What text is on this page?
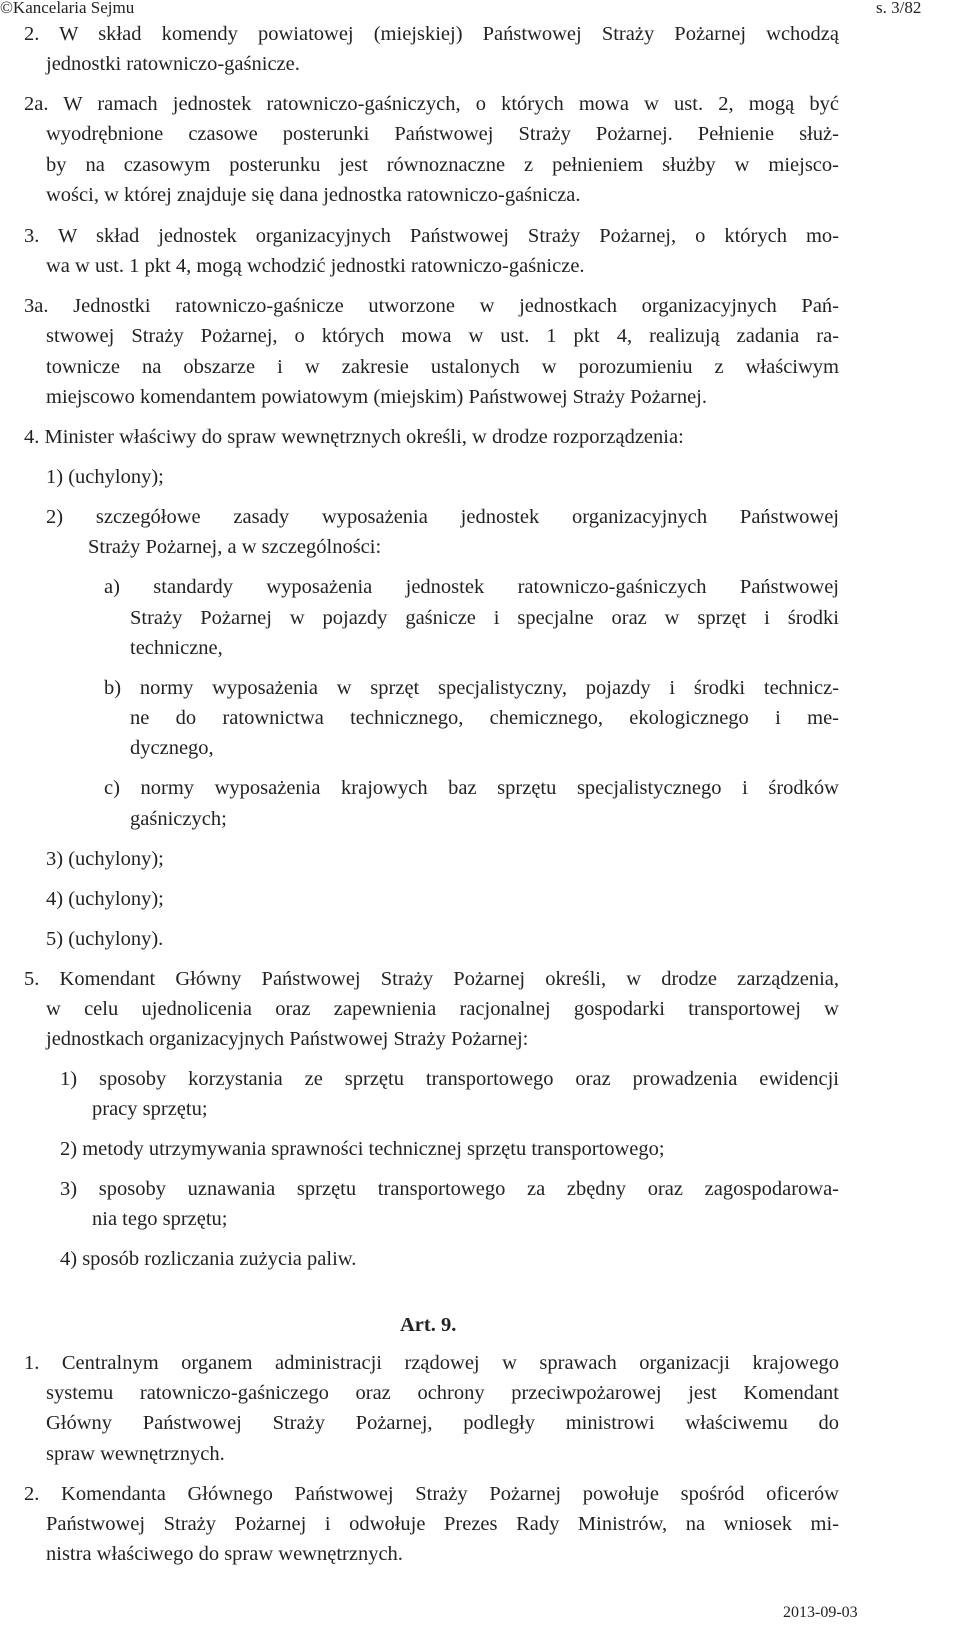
©Kancelaria Sejmu	s. 3/82
2. W skład komendy powiatowej (miejskiej) Państwowej Straży Pożarnej wchodzą
jednostki ratowniczo-gaśnicze.
2a. W ramach jednostek ratowniczo-gaśniczych, o których mowa w ust. 2, mogą być
wyodrębnione czasowe posterunki Państwowej Straży Pożarnej. Pełnienie służ-
by na czasowym posterunku jest równoznaczne z pełnieniem służby w miejsco-
wości, w której znajduje się dana jednostka ratowniczo-gaśnicza.
3. W skład jednostek organizacyjnych Państwowej Straży Pożarnej, o których mo-
wa w ust. 1 pkt 4, mogą wchodzić jednostki ratowniczo-gaśnicze.
3a. Jednostki ratowniczo-gaśnicze utworzone w jednostkach organizacyjnych Pań-
stwowej Straży Pożarnej, o których mowa w ust. 1 pkt 4, realizują zadania ra-
townicze na obszarze i w zakresie ustalonych w porozumieniu z właściwym
miejscowo komendantem powiatowym (miejskim) Państwowej Straży Pożarnej.
4. Minister właściwy do spraw wewnętrznych określi, w drodze rozporządzenia:
1) (uchylony);
2) szczegółowe zasady wyposażenia jednostek organizacyjnych Państwowej
Straży Pożarnej, a w szczególności:
a) standardy wyposażenia jednostek ratowniczo-gaśniczych Państwowej
Straży Pożarnej w pojazdy gaśnicze i specjalne oraz w sprzęt i środki
techniczne,
b) normy wyposażenia w sprzęt specjalistyczny, pojazdy i środki technicz-
ne do ratownictwa technicznego, chemicznego, ekologicznego i me-
dycznego,
c) normy wyposażenia krajowych baz sprzętu specjalistycznego i środków
gaśniczych;
3) (uchylony);
4) (uchylony);
5) (uchylony).
5. Komendant Główny Państwowej Straży Pożarnej określi, w drodze zarządzenia,
w celu ujednolicenia oraz zapewnienia racjonalnej gospodarki transportowej w
jednostkach organizacyjnych Państwowej Straży Pożarnej:
1) sposoby korzystania ze sprzętu transportowego oraz prowadzenia ewidencji
pracy sprzętu;
2) metody utrzymywania sprawności technicznej sprzętu transportowego;
3) sposoby uznawania sprzętu transportowego za zbędny oraz zagospodarowa-
nia tego sprzętu;
4) sposób rozliczania zużycia paliw.
Art. 9.
1. Centralnym organem administracji rządowej w sprawach organizacji krajowego
systemu ratowniczo-gaśniczego oraz ochrony przeciwpożarowej jest Komendant
Główny Państwowej Straży Pożarnej, podległy ministrowi właściwemu do
spraw wewnętrznych.
2. Komendanta Głównego Państwowej Straży Pożarnej powołuje spośród oficerów
Państwowej Straży Pożarnej i odwołuje Prezes Rady Ministrów, na wniosek mi-
nistra właściwego do spraw wewnętrznych.
2013-09-03
